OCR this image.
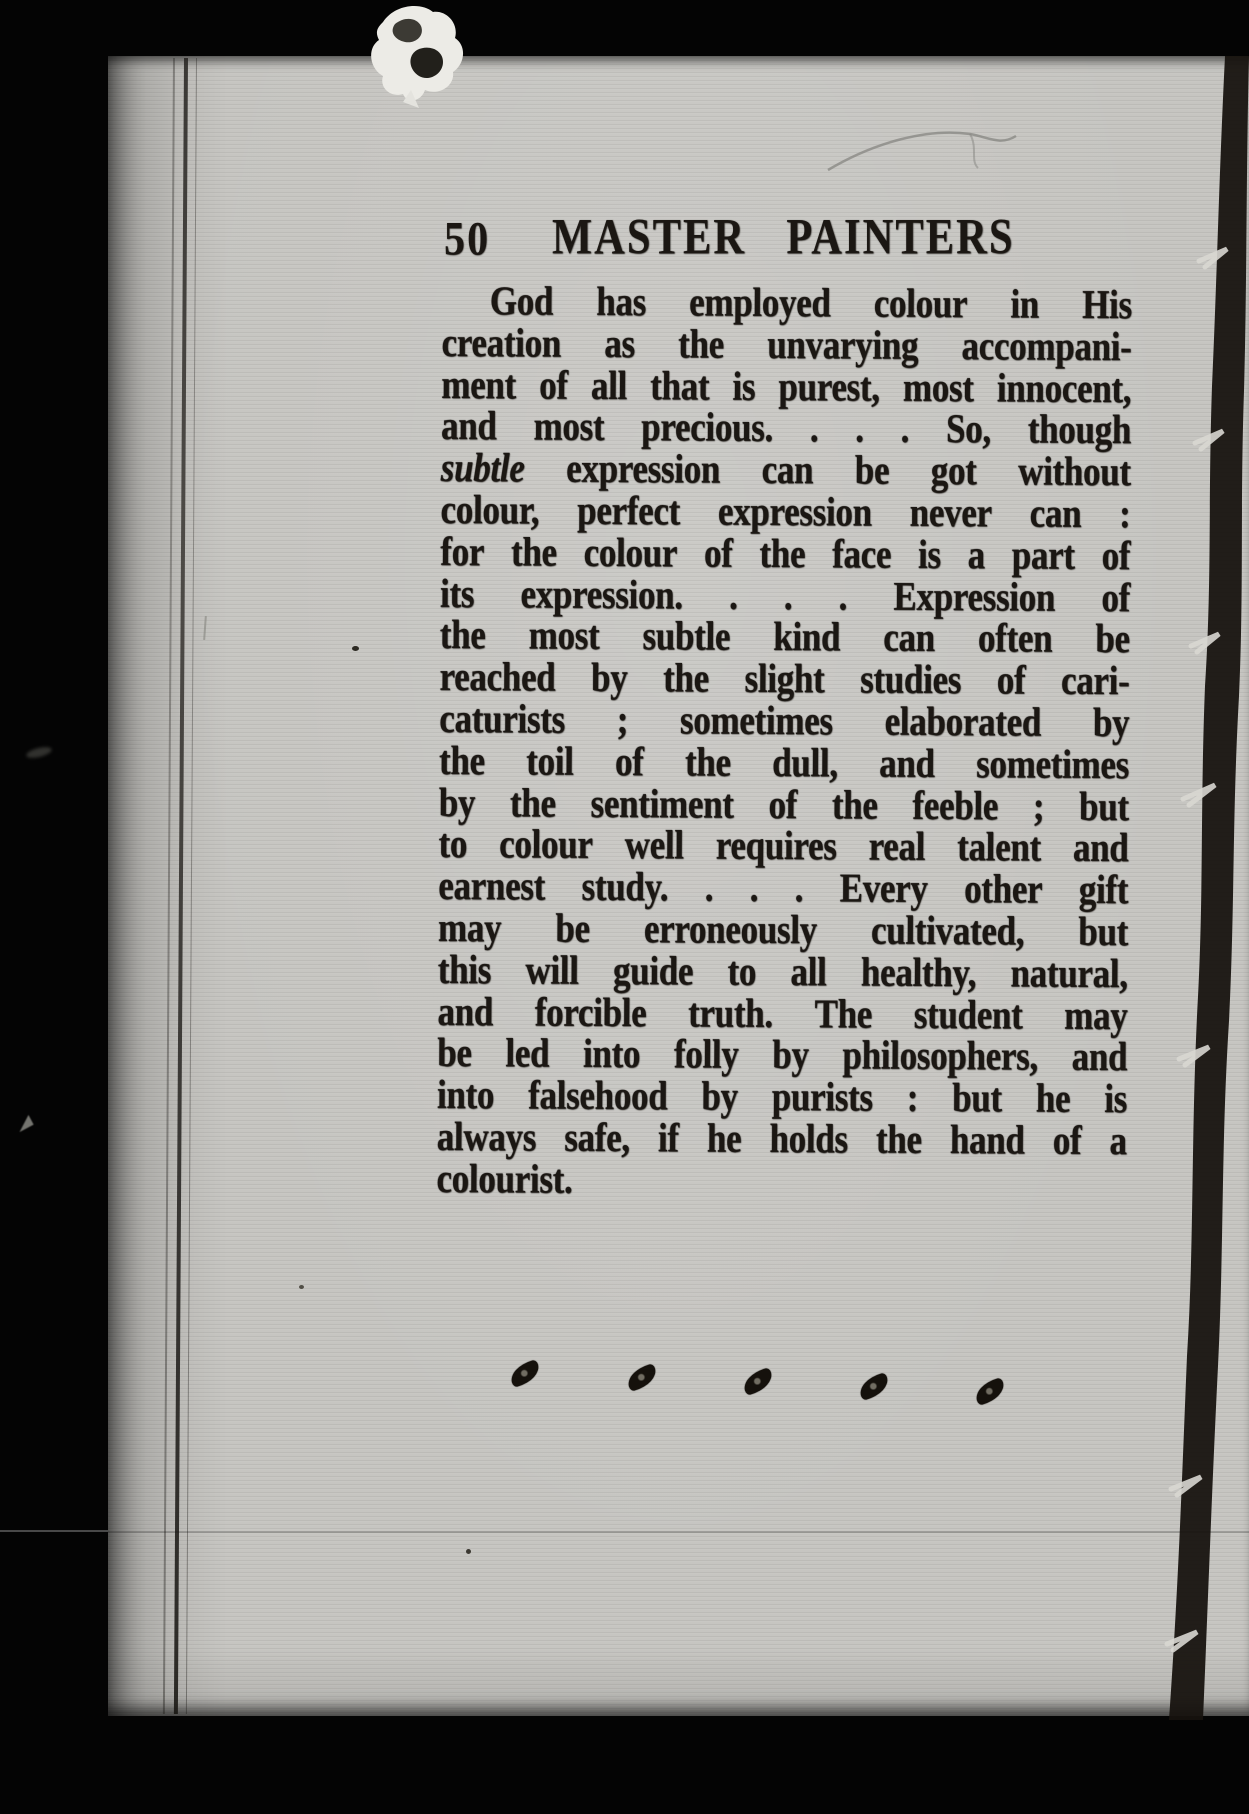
50 MASTER PAINTERS
God has employed colour in His
creation as the unvarying accompani-
ment of all that is purest, most innocent,
and most precious. . . . So, though
subtle expression can be got without
colour, perfect expression never can :
for the colour of the face is a part of
its expression. . . . Expression of
the most subtle kind can often be
reached by the slight studies of cari-
caturists ; sometimes elaborated by
the toil of the dull, and sometimes
by the sentiment of the feeble ; but
to colour well requires real talent and
earnest study. . . . Every other gift
may be erroneously cultivated, but
this will guide to all healthy, natural,
and forcible truth. The student may
be led into folly by philosophers, and
into falsehood by purists : but he is
always safe, if he holds the hand of a
colourist.
